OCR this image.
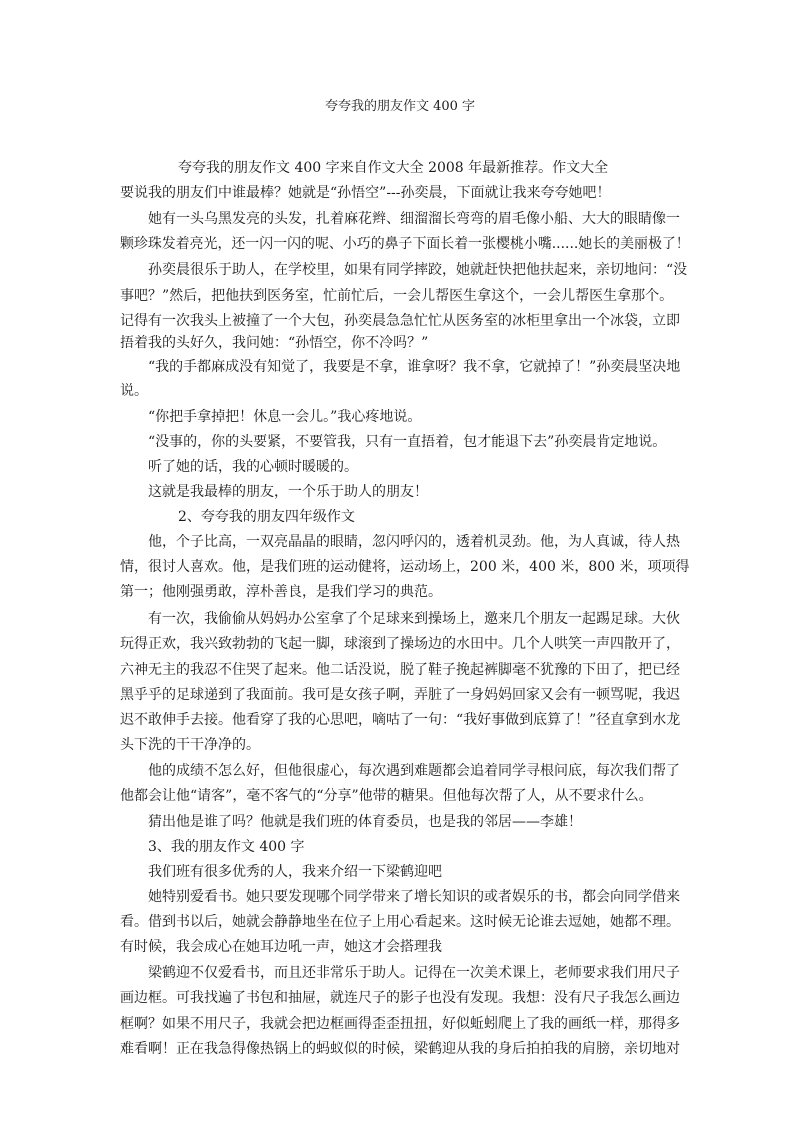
夸夸我的朋友作文 400 字
夸夸我的朋友作文 400 字来自作文大全 2008 年最新推荐。作文大全
要说我的朋友们中谁最棒？她就是“孙悟空”---孙奕晨，下面就让我来夸夸她吧！
她有一头乌黑发亮的头发，扎着麻花辫、细溜溜长弯弯的眉毛像小船、大大的眼睛像一
颗珍珠发着亮光，还一闪一闪的呢、小巧的鼻子下面长着一张樱桃小嘴......她长的美丽极了！
孙奕晨很乐于助人，在学校里，如果有同学摔跤，她就赶快把他扶起来，亲切地问：“没
事吧？”然后，把他扶到医务室，忙前忙后，一会儿帮医生拿这个，一会儿帮医生拿那个。
记得有一次我头上被撞了一个大包，孙奕晨急急忙忙从医务室的冰柜里拿出一个冰袋，立即
捂着我的头好久，我问她：“孙悟空，你不冷吗？”
“我的手都麻成没有知觉了，我要是不拿，谁拿呀？我不拿，它就掉了！”孙奕晨坚决地
说。
“你把手拿掉把！休息一会儿。”我心疼地说。
“没事的，你的头要紧，不要管我，只有一直捂着，包才能退下去”孙奕晨肯定地说。
听了她的话，我的心顿时暖暖的。
这就是我最棒的朋友，一个乐于助人的朋友！
2、夸夸我的朋友四年级作文
他，个子比高，一双亮晶晶的眼睛，忽闪呼闪的，透着机灵劲。他，为人真诚，待人热
情，很讨人喜欢。他，是我们班的运动健将，运动场上，200 米，400 米，800 米，项项得
第一；他刚强勇敢，淳朴善良，是我们学习的典范。
有一次，我偷偷从妈妈办公室拿了个足球来到操场上，邀来几个朋友一起踢足球。大伙
玩得正欢，我兴致勃勃的飞起一脚，球滚到了操场边的水田中。几个人哄笑一声四散开了，
六神无主的我忍不住哭了起来。他二话没说，脱了鞋子挽起裤脚毫不犹豫的下田了，把已经
黑乎乎的足球递到了我面前。我可是女孩子啊，弄脏了一身妈妈回家又会有一顿骂呢，我迟
迟不敢伸手去接。他看穿了我的心思吧，嘀咕了一句：“我好事做到底算了！”径直拿到水龙
头下洗的干干净净的。
他的成绩不怎么好，但他很虚心，每次遇到难题都会追着同学寻根问底，每次我们帮了
他都会让他“请客”，毫不客气的“分享”他带的糖果。但他每次帮了人，从不要求什么。
猜出他是谁了吗？他就是我们班的体育委员，也是我的邻居——李雄！
3、我的朋友作文 400 字
我们班有很多优秀的人，我来介绍一下梁鹤迎吧
她特别爱看书。她只要发现哪个同学带来了增长知识的或者娱乐的书，都会向同学借来
看。借到书以后，她就会静静地坐在位子上用心看起来。这时候无论谁去逗她，她都不理。
有时候，我会成心在她耳边吼一声，她这才会搭理我
梁鹤迎不仅爱看书，而且还非常乐于助人。记得在一次美术课上，老师要求我们用尺子
画边框。可我找遍了书包和抽屉，就连尺子的影子也没有发现。我想：没有尺子我怎么画边
框啊？如果不用尺子，我就会把边框画得歪歪扭扭，好似蚯蚓爬上了我的画纸一样，那得多
难看啊！正在我急得像热锅上的蚂蚁似的时候，梁鹤迎从我的身后拍拍我的肩膀，亲切地对
